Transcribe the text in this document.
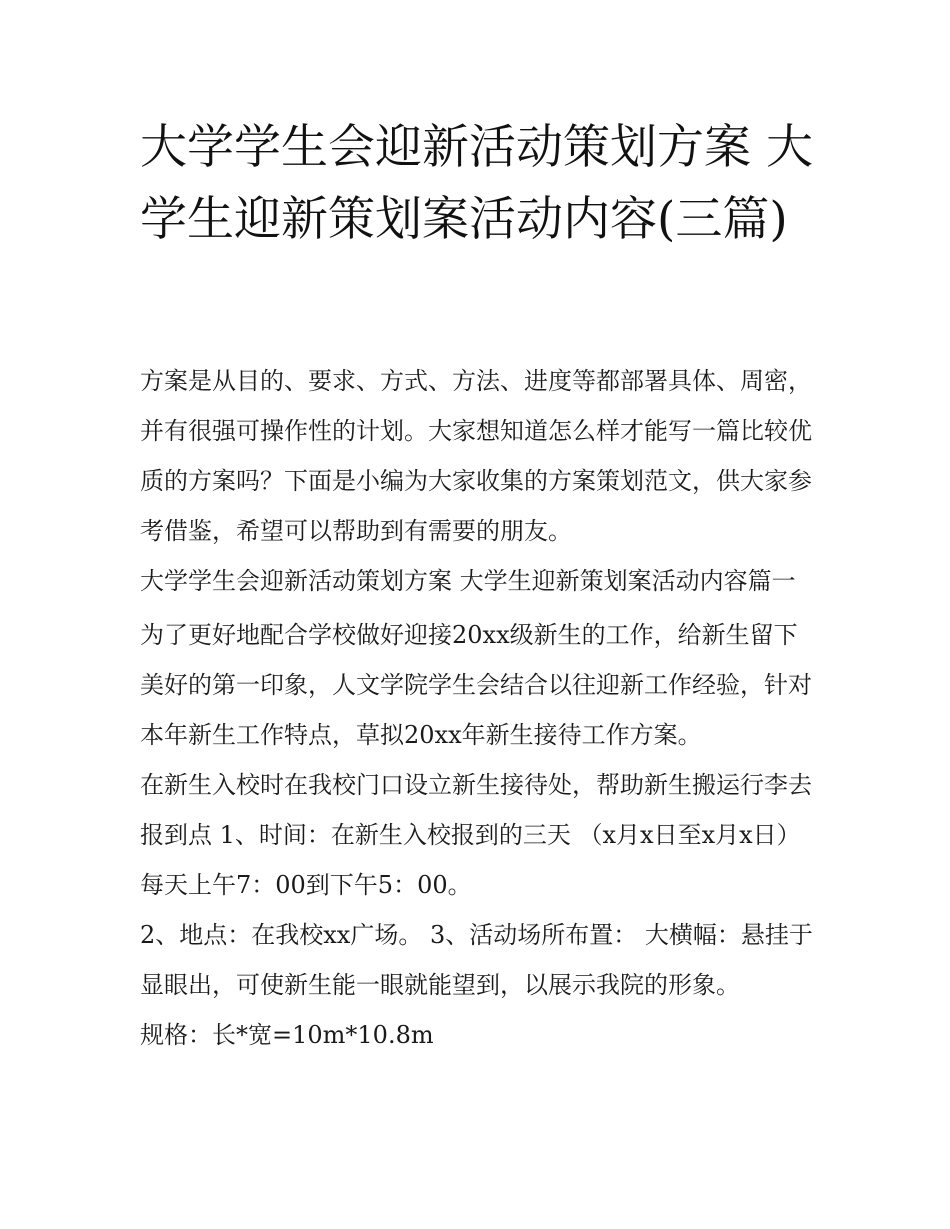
大学学生会迎新活动策划方案 大学生迎新策划案活动内容(三篇)

方案是从目的、要求、方式、方法、进度等都部署具体、周密，并有很强可操作性的计划。大家想知道怎么样才能写一篇比较优质的方案吗？下面是小编为大家收集的方案策划范文，供大家参考借鉴，希望可以帮助到有需要的朋友。

大学学生会迎新活动策划方案 大学生迎新策划案活动内容篇一

为了更好地配合学校做好迎接20xx级新生的工作，给新生留下美好的第一印象，人文学院学生会结合以往迎新工作经验，针对本年新生工作特点，草拟20xx年新生接待工作方案。

在新生入校时在我校门口设立新生接待处，帮助新生搬运行李去报到点 1、时间：在新生入校报到的三天 （x月x日至x月x日）每天上午7：00到下午5：00。

2、地点：在我校xx广场。 3、活动场所布置： 大横幅：悬挂于显眼出，可使新生能一眼就能望到，以展示我院的形象。

规格：长*宽=10m*10.8m
